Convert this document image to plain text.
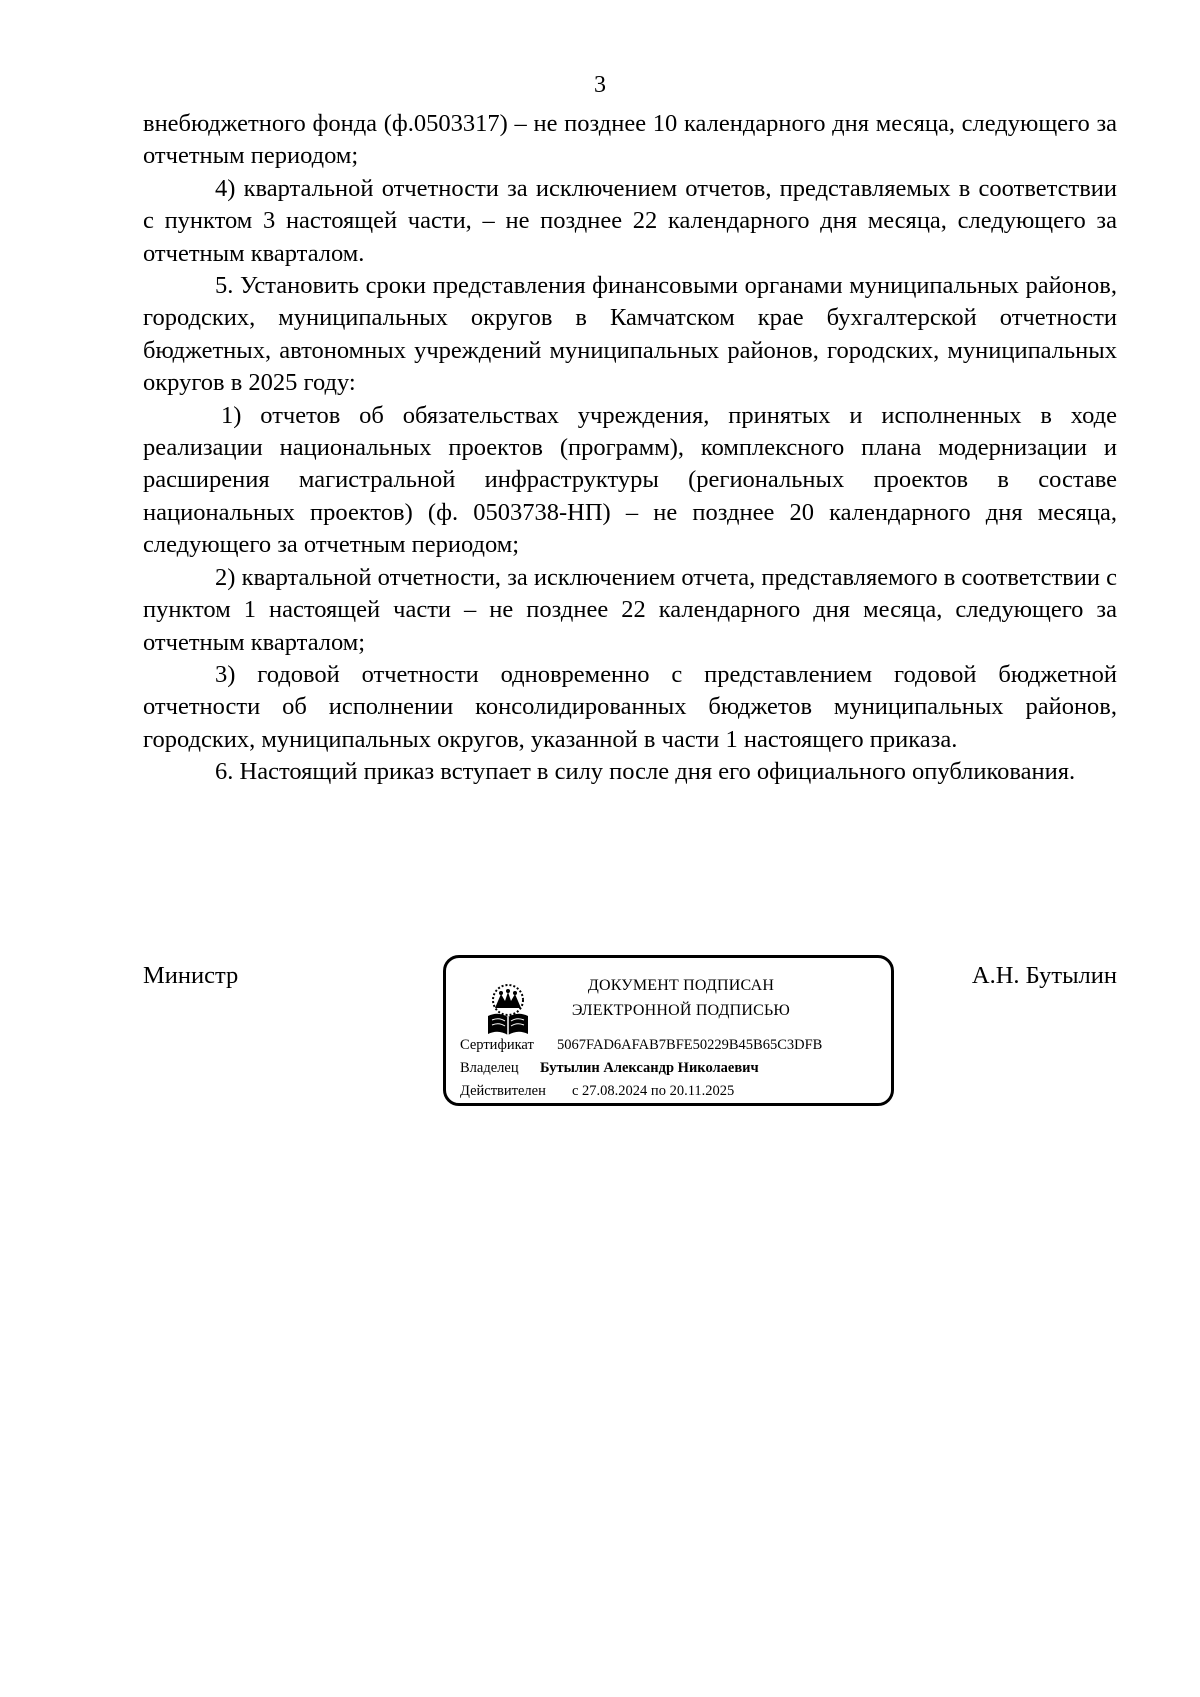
3

внебюджетного фонда (ф.0503317) – не позднее 10 календарного дня месяца, следующего за отчетным периодом;

4) квартальной отчетности за исключением отчетов, представляемых в соответствии с пунктом 3 настоящей части, – не позднее 22 календарного дня месяца, следующего за отчетным кварталом.

5. Установить сроки представления финансовыми органами муниципальных районов, городских, муниципальных округов в Камчатском крае бухгалтерской отчетности бюджетных, автономных учреждений муниципальных районов, городских, муниципальных округов в 2025 году:

1) отчетов об обязательствах учреждения, принятых и исполненных в ходе реализации национальных проектов (программ), комплексного плана модернизации и расширения магистральной инфраструктуры (региональных проектов в составе национальных проектов) (ф. 0503738-НП) – не позднее 20 календарного дня месяца, следующего за отчетным периодом;

2) квартальной отчетности, за исключением отчета, представляемого в соответствии с пунктом 1 настоящей части – не позднее 22 календарного дня месяца, следующего за отчетным кварталом;

3) годовой отчетности одновременно с представлением годовой бюджетной отчетности об исполнении консолидированных бюджетов муниципальных районов, городских, муниципальных округов, указанной в части 1 настоящего приказа.

6. Настоящий приказ вступает в силу после дня его официального опубликования.

Министр	ДОКУМЕНТ ПОДПИСАН
ЭЛЕКТРОННОЙ ПОДПИСЬЮ
Сертификат 5067FAD6AFAB7BFE50229B45B65C3DFB
Владелец Бутылин Александр Николаевич
Действителен с 27.08.2024 по 20.11.2025
А.Н. Бутылин
